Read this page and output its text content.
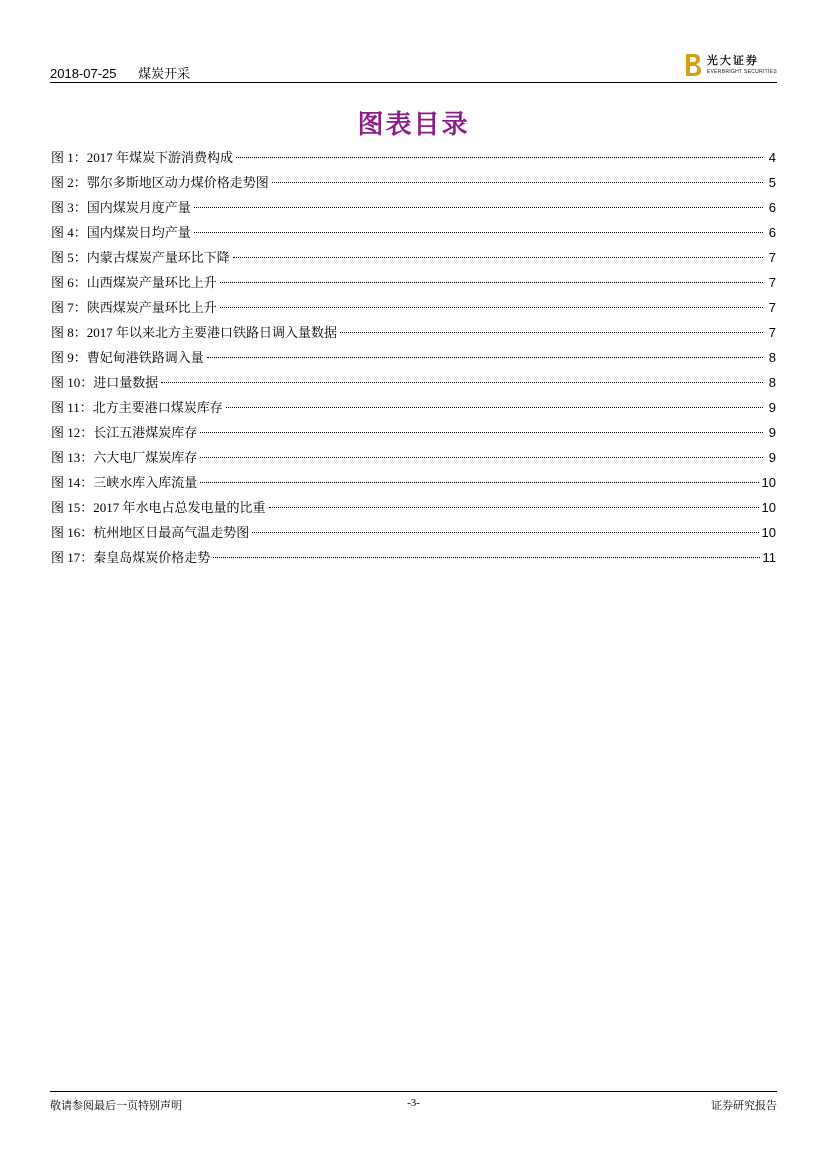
2018-07-25 煤炭开采
光大证券
EVERBRIGHT SECURITIES
图表目录
图 1：2017 年煤炭下游消费构成	4
图 2：鄂尔多斯地区动力煤价格走势图	5
图 3：国内煤炭月度产量	6
图 4：国内煤炭日均产量	6
图 5：内蒙古煤炭产量环比下降	7
图 6：山西煤炭产量环比上升	7
图 7：陕西煤炭产量环比上升	7
图 8：2017 年以来北方主要港口铁路日调入量数据	7
图 9：曹妃甸港铁路调入量	8
图 10：进口量数据	8
图 11：北方主要港口煤炭库存	9
图 12：长江五港煤炭库存	9
图 13：六大电厂煤炭库存	9
图 14：三峡水库入库流量	10
图 15：2017 年水电占总发电量的比重	10
图 16：杭州地区日最高气温走势图	10
图 17：秦皇岛煤炭价格走势	11
敬请参阅最后一页特别声明	-3-	证券研究报告
